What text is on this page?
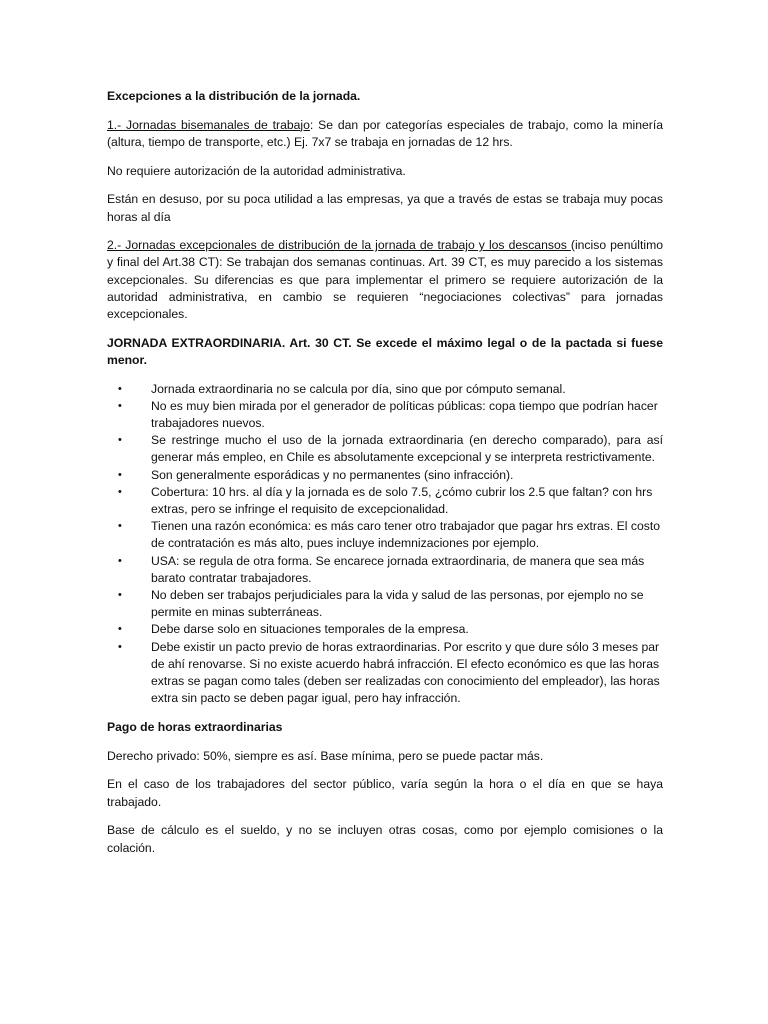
Excepciones a la distribución de la jornada.

1.- Jornadas bisemanales de trabajo: Se dan por categorías especiales de trabajo, como la minería (altura, tiempo de transporte, etc.) Ej. 7x7 se trabaja en jornadas de 12 hrs.

No requiere autorización de la autoridad administrativa.

Están en desuso, por su poca utilidad a las empresas, ya que a través de estas se trabaja muy pocas horas al día

2.- Jornadas excepcionales de distribución de la jornada de trabajo y los descansos (inciso penúltimo y final del Art.38 CT): Se trabajan dos semanas continuas. Art. 39 CT, es muy parecido a los sistemas excepcionales. Su diferencias es que para implementar el primero se requiere autorización de la autoridad administrativa, en cambio se requieren “negociaciones colectivas” para jornadas excepcionales.

JORNADA EXTRAORDINARIA. Art. 30 CT. Se excede el máximo legal o de la pactada si fuese menor.

• Jornada extraordinaria no se calcula por día, sino que por cómputo semanal.
• No es muy bien mirada por el generador de políticas públicas: copa tiempo que podrían hacer trabajadores nuevos.
• Se restringe mucho el uso de la jornada extraordinaria (en derecho comparado), para así generar más empleo, en Chile es absolutamente excepcional y se interpreta restrictivamente.
• Son generalmente esporádicas y no permanentes (sino infracción).
• Cobertura: 10 hrs. al día y la jornada es de solo 7.5, ¿cómo cubrir los 2.5 que faltan? con hrs extras, pero se infringe el requisito de excepcionalidad.
• Tienen una razón económica: es más caro tener otro trabajador que pagar hrs extras. El costo de contratación es más alto, pues incluye indemnizaciones por ejemplo.
• USA: se regula de otra forma. Se encarece jornada extraordinaria, de manera que sea más barato contratar trabajadores.
• No deben ser trabajos perjudiciales para la vida y salud de las personas, por ejemplo no se permite en minas subterráneas.
• Debe darse solo en situaciones temporales de la empresa.
• Debe existir un pacto previo de horas extraordinarias. Por escrito y que dure sólo 3 meses par de ahí renovarse. Si no existe acuerdo habrá infracción. El efecto económico es que las horas extras se pagan como tales (deben ser realizadas con conocimiento del empleador), las horas extra sin pacto se deben pagar igual, pero hay infracción.

Pago de horas extraordinarias

Derecho privado: 50%, siempre es así. Base mínima, pero se puede pactar más.

En el caso de los trabajadores del sector público, varía según la hora o el día en que se haya trabajado.

Base de cálculo es el sueldo, y no se incluyen otras cosas, como por ejemplo comisiones o la colación.
